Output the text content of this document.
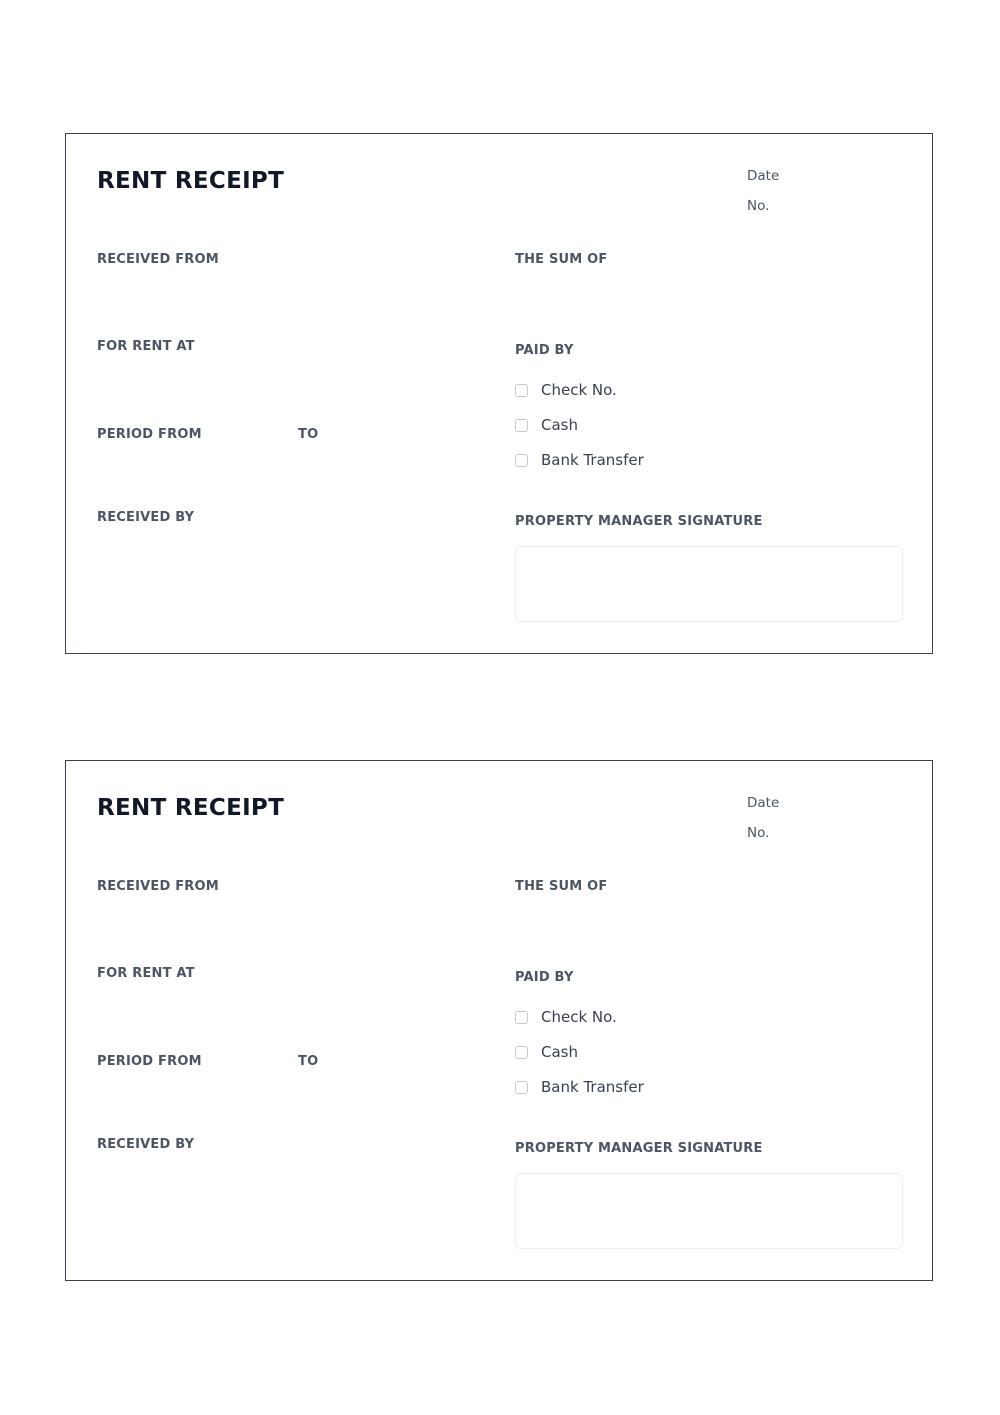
RENT RECEIPT	Date
No.
RECEIVED FROM	THE SUM OF
FOR RENT AT	PAID BY
Check No.
Cash
Bank Transfer
PERIOD FROM	TO
RECEIVED BY	PROPERTY MANAGER SIGNATURE
RENT RECEIPT	Date
No.
RECEIVED FROM	THE SUM OF
FOR RENT AT	PAID BY
Check No.
Cash
Bank Transfer
PERIOD FROM	TO
RECEIVED BY	PROPERTY MANAGER SIGNATURE
